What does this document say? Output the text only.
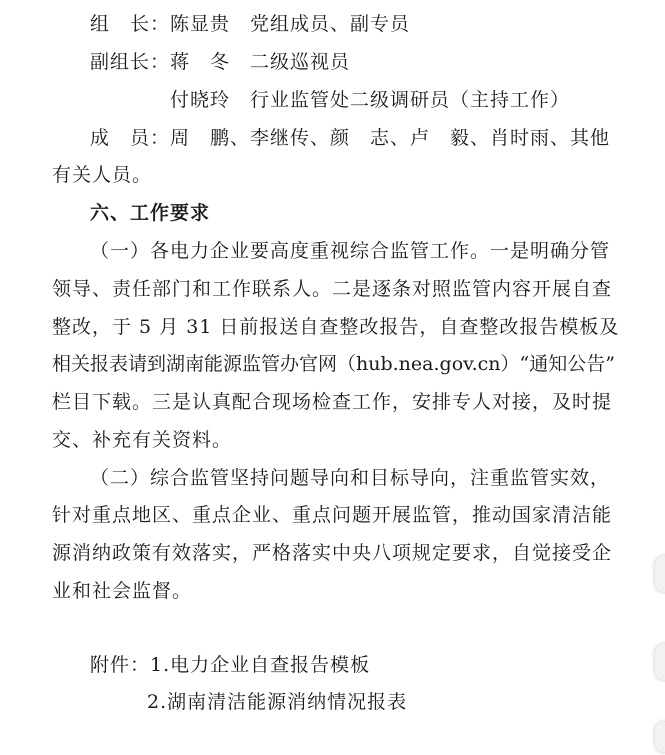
组　长：陈显贵　党组成员、副专员
副组长：蒋　冬　二级巡视员
付晓玲　行业监管处二级调研员（主持工作）
成　员：周　鹏、李继传、颜　志、卢　毅、肖时雨、其他
有关人员。
六、工作要求
（一）各电力企业要高度重视综合监管工作。一是明确分管
领导、责任部门和工作联系人。二是逐条对照监管内容开展自查
整改，于 5 月 31 日前报送自查整改报告，自查整改报告模板及
相关报表请到湖南能源监管办官网（hub.nea.gov.cn）“通知公告”
栏目下载。三是认真配合现场检查工作，安排专人对接，及时提
交、补充有关资料。
（二）综合监管坚持问题导向和目标导向，注重监管实效，
针对重点地区、重点企业、重点问题开展监管，推动国家清洁能
源消纳政策有效落实，严格落实中央八项规定要求，自觉接受企
业和社会监督。
附件：1.电力企业自查报告模板
2.湖南清洁能源消纳情况报表
